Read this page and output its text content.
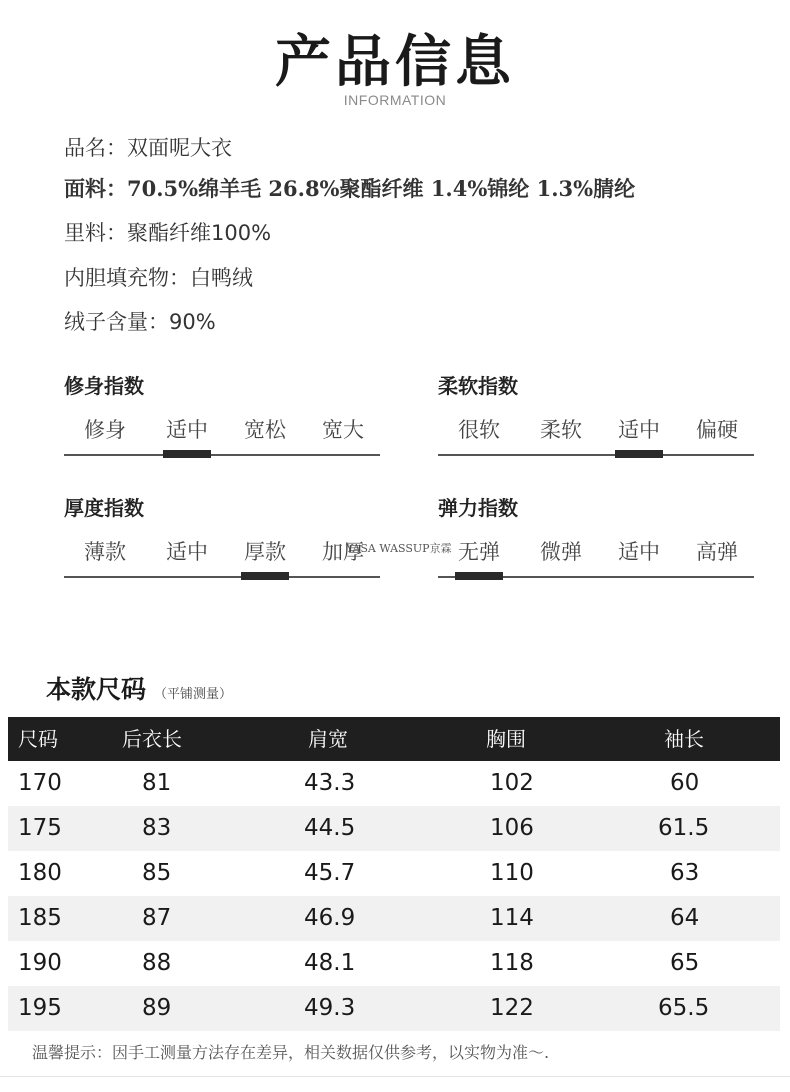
产品信息
INFORMATION
品名：双面呢大衣
面料：70.5%绵羊毛 26.8%聚酯纤维 1.4%锦纶 1.3%腈纶
里料：聚酯纤维100%
内胆填充物：白鸭绒
绒子含量：90%
修身指数
修身	适中	宽松	宽大
柔软指数
很软	柔软	适中	偏硬
厚度指数
薄款	适中	厚款	加厚
弹力指数
无弹	微弹	适中	高弹
YASA WASSUP京霖
本款尺码 （平铺测量）
尺码	后衣长	肩宽	胸围	袖长
170	81	43.3	102	60
175	83	44.5	106	61.5
180	85	45.7	110	63
185	87	46.9	114	64
190	88	48.1	118	65
195	89	49.3	122	65.5
温馨提示：因手工测量方法存在差异，相关数据仅供参考，以实物为准～.
